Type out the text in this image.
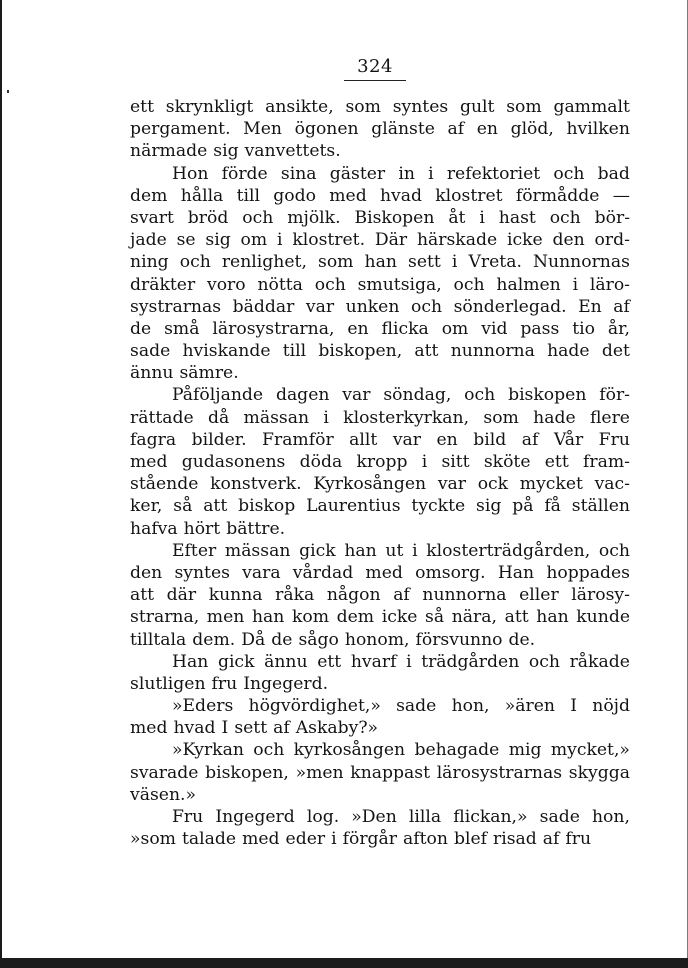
324
ett skrynkligt ansikte, som syntes gult som gammalt
pergament. Men ögonen glänste af en glöd, hvilken
närmade sig vanvettets.
Hon förde sina gäster in i refektoriet och bad
dem hålla till godo med hvad klostret förmådde —
svart bröd och mjölk. Biskopen åt i hast och bör-
jade se sig om i klostret. Där härskade icke den ord-
ning och renlighet, som han sett i Vreta. Nunnornas
dräkter voro nötta och smutsiga, och halmen i läro-
systrarnas bäddar var unken och sönderlegad. En af
de små lärosystrarna, en flicka om vid pass tio år,
sade hviskande till biskopen, att nunnorna hade det
ännu sämre.
Påföljande dagen var söndag, och biskopen för-
rättade då mässan i klosterkyrkan, som hade flere
fagra bilder. Framför allt var en bild af Vår Fru
med gudasonens döda kropp i sitt sköte ett fram-
stående konstverk. Kyrkosången var ock mycket vac-
ker, så att biskop Laurentius tyckte sig på få ställen
hafva hört bättre.
Efter mässan gick han ut i klosterträdgården, och
den syntes vara vårdad med omsorg. Han hoppades
att där kunna råka någon af nunnorna eller lärosy-
strarna, men han kom dem icke så nära, att han kunde
tilltala dem. Då de sågo honom, försvunno de.
Han gick ännu ett hvarf i trädgården och råkade
slutligen fru Ingegerd.
»Eders högvördighet,» sade hon, »ären I nöjd
med hvad I sett af Askaby?»
»Kyrkan och kyrkosången behagade mig mycket,»
svarade biskopen, »men knappast lärosystrarnas skygga
väsen.»
Fru Ingegerd log. »Den lilla flickan,» sade hon,
»som talade med eder i förgår afton blef risad af fru
